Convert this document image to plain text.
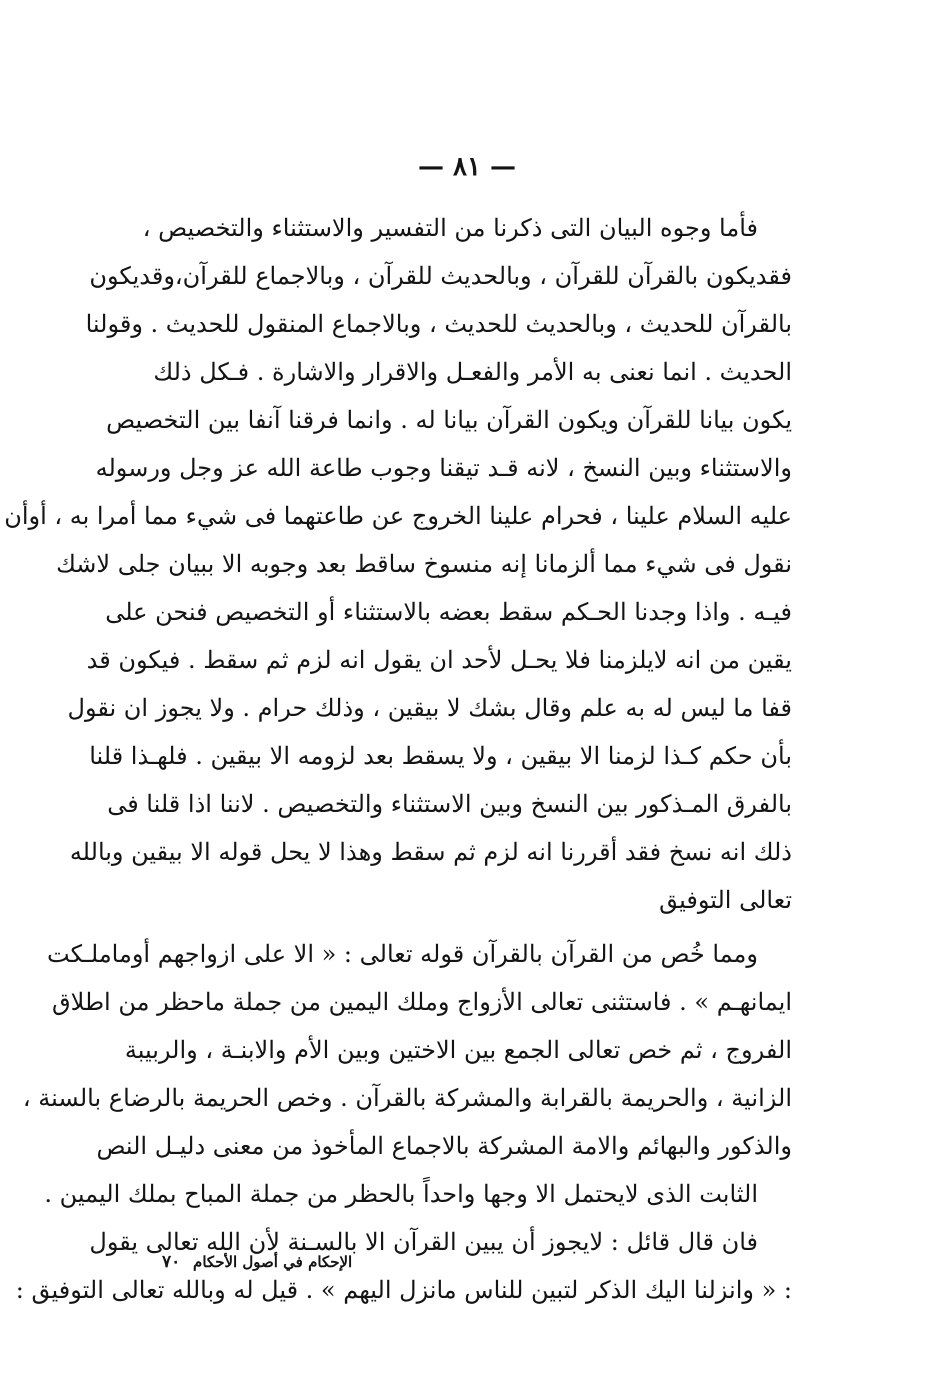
— ٨١ —
فأما وجوه البيان التى ذكرنا من التفسير والاستثناء والتخصيص ،
فقديكون بالقرآن للقرآن ، وبالحديث للقرآن ، وبالاجماع للقرآن،وقديكون
بالقرآن للحديث ، وبالحديث للحديث ، وبالاجماع المنقول للحديث . وقولنا
الحديث . انما نعنى به الأمر والفعـل والاقرار والاشارة . فـكل ذلك
يكون بيانا للقرآن ويكون القرآن بيانا له . وانما فرقنا آنفا بين التخصيص
والاستثناء وبين النسخ ، لانه قـد تيقنا وجوب طاعة الله عز وجل ورسوله
عليه السلام علينا ، فحرام علينا الخروج عن طاعتهما فى شيء مما أمرا به ، أوأن
نقول فى شيء مما ألزمانا إنه منسوخ ساقط بعد وجوبه الا ببيان جلى لاشك
فيـه . واذا وجدنا الحـكم سقط بعضه بالاستثناء أو التخصيص فنحن على
يقين من انه لايلزمنا فلا يحـل لأحد ان يقول انه لزم ثم سقط . فيكون قد
قفا ما ليس له به علم وقال بشك لا بيقين ، وذلك حرام . ولا يجوز ان نقول
بأن حكم كـذا لزمنا الا بيقين ، ولا يسقط بعد لزومه الا بيقين . فلهـذا قلنا
بالفرق المـذكور بين النسخ وبين الاستثناء والتخصيص . لاننا اذا قلنا فى
ذلك انه نسخ فقد أقررنا انه لزم ثم سقط وهذا لا يحل قوله الا بيقين وبالله
تعالى التوفيق
ومما خُص من القرآن بالقرآن قوله تعالى : « الا على ازواجهم أوماملـكت
ايمانهـم » . فاستثنى تعالى الأزواج وملك اليمين من جملة ماحظر من اطلاق
الفروج ، ثم خص تعالى الجمع بين الاختين وبين الأم والابنـة ، والربيبة
الزانية ، والحريمة بالقرابة والمشركة بالقرآن . وخص الحريمة بالرضاع بالسنة ،
والذكور والبهائم والامة المشركة بالاجماع المأخوذ من معنى دليـل النص
الثابت الذى لايحتمل الا وجها واحداً بالحظر من جملة المباح بملك اليمين .
فان قال قائل : لايجوز أن يبين القرآن الا بالسـنة لأن الله تعالى يقول
: « وانزلنا اليك الذكر لتبين للناس مانزل اليهم » . قيل له وبالله تعالى التوفيق :
الإحكام في أصول الأحكام ٧٠
